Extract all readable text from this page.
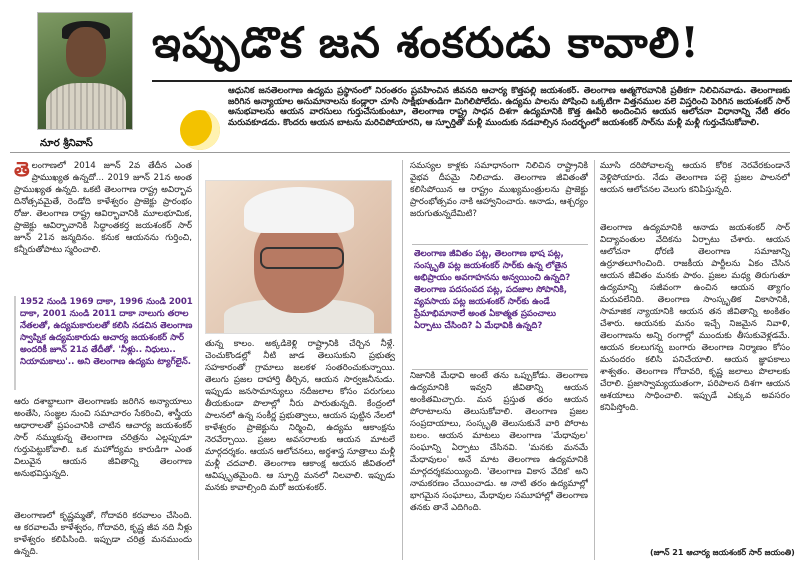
నూర శ్రీనివాస్
ఇప్పుడొక జన శంకరుడు కావాలి!
ఆధునిక జనతెలంగాణ ఉద్యమ ప్రస్థానంలో నిరంతరం ప్రవహించిన జీవనది ఆచార్య కొత్తపల్లి జయశంకర్. తెలంగాణ ఆత్మగౌరవానికి ప్రతీకగా నిలిచినవాడు. తెలంగాణకు జరిగిన అన్యాయాల అనుమానాలను కండ్లారా చూసి సాక్షీభూతుడిగా మిగిలిపోలేదు. ఉద్యమ పాలను పోషించి ఒక్కటిగా విత్తనముల వలె విస్తరించి పెరిగిన జయశంకర్ సార్ అనుభవాలను ఆయన వారసులు గుర్తుచేసుకుంటూ, తెలంగాణ రాష్ట్ర సాధన దిశగా ఉద్యమానికి కొత్త ఊపిరి అందించిన ఆయన ఆలోచనా విధానాన్ని నేటి తరం మరువకూడదు. కొందరు ఆయన బాటను మరిచిపోయారని, ఆ స్ఫూర్తితో మళ్లీ ముందుకు నడవాల్సిన సందర్భంలో జయశంకర్ సార్‌ను మళ్లీ మళ్లీ గుర్తుచేసుకోవాలి.
తె లంగాణలో 2014 జూన్ 2వ తేదీన ఎంత ప్రాముఖ్యత ఉన్నదో... 2019 జూన్ 21న అంత ప్రాముఖ్యత ఉన్నది. ఒకటి తెలంగాణ రాష్ట్ర అవిర్భావ దినోత్సవమైతే, రెండోది కాళేశ్వరం ప్రాజెక్టు ప్రారంభం రోజు. తెలంగాణ రాష్ట్ర ఆవిర్భావానికి మూలభూమిక, ప్రాజెక్టు ఆవిర్భావానికి సిద్ధాంతకర్త జయశంకర్ సార్ జూన్ 21న జన్మదినం. కనుక ఆయనను గుర్తించి, కన్నీరుతోపాటు స్మరించాలి.
1952 నుండి 1969 దాకా, 1996 నుండి 2001 దాకా, 2001 నుండి 2011 దాకా నాలుగు తరాల నేతలతో, ఉద్యమకారులతో కలిసి నడచిన తెలంగాణ స్వాప్నిక ఉద్యమకారుడు ఆచార్య జయశంకర్ సార్ అందరికీ జూన్ 21వ తేదీతో. 'నీళ్లు.. నిధులు.. నియామకాలు'.. అని తెలంగాణ ఉద్యమ ట్యాగ్‌లైన్.

ఆరు దశాబ్దాలుగా తెలంగాణకు జరిగిన అన్యాయాలు అంతేసి, సంజ్ఞల నుంచి సమాచారం సేకరించి, శాస్త్రీయ ఆధారాలతో ప్రపంచానికి చాటిన ఆచార్య జయశంకర్ సార్ నమ్ముకున్న తెలంగాణ చరిత్రను ఎల్లప్పుడూ గుర్తుపెట్టుకోవాలి. ఒక మహోద్యమ కారుడిగా ఎంత విలువైన ఆయన జీవితాన్ని తెలంగాణ అనుభవిస్తున్నది.

తెలంగాణలో కృష్ణమ్మతో, గోదావరి కరవాలం చేసింది. ఆ కరవాలమే కాళేశ్వరం, గోదావరి, కృష్ణ జీవ నది నీళ్లు కాళేశ్వరం కలిపిసింది. ఇప్పుడా చరిత్ర మనముందు ఉన్నది.

తున్న కాలం. అక్కడికెళ్లి రాష్ట్రానికి చేర్చిన నీళ్లే. చెంచుకొండల్లో నీటి జాడ తెలుసుకుని ప్రభుత్వ సహకారంతో గ్రామాలు జలకళ సంతరించుకున్నాయి. తెలుగు ప్రజల దాహార్తి తీర్చిన, ఆయన సార్వజనీనుడు. ఇప్పుడు జనసామాన్యులు నదీజలాల కోసం పరుగులు తీయకుండా పొలాల్లో నీరు పారుతున్నది. కేంద్రంలో పాలనలో ఉన్న సంకీర్ణ ప్రభుత్వాలు, ఆయన పుట్టిన నేలలో కాళేశ్వరం ప్రాజెక్టును నిర్మించి, ఉద్యమ ఆకాంక్షను నెరవేర్చాయి. ప్రజల అవసరాలకు ఆయన మాటలే మార్గదర్శకం. ఆయన ఆలోచనలు, అర్థశాస్త్ర సూత్రాలు మళ్లీ మళ్లీ చదవాలి. తెలంగాణ ఆకాంక్ష ఆయన జీవితంలో ఆవిష్కృతమైంది. ఆ స్ఫూర్తి మనలో నిలవాలి. ఇప్పుడు మనకు కావాల్సింది మరో జయశంకర్.

సమస్యల కాళ్లకు సమాధానంగా నిలిచిన రాష్ట్రానికి వైభవ దీపమై నిలిచాడు. తెలంగాణ జీవితంతో కలిసిపోయిన ఆ రాష్ట్రం ముఖ్యమంత్రులను ప్రాజెక్టు ప్రారంభోత్సవం నాకి ఆహ్వానించారు. ఆనాడు, ఆశ్చర్యం జరుగుతున్నదేమిటి?

తెలంగాణ జీవితం పట్ల, తెలంగాణ భాష పట్ల, సంస్కృతి పట్ల జయశంకర్ సార్‌కు ఉన్న లోతైన అభిప్రాయం అవగాహనను అన్వయించి ఉన్నది? తెలంగాణ పదసంపద పట్ల, పదజాల సోపానికి, వ్యవసాయ పట్ల జయశంకర్ సార్‌కు ఉండే ప్రేమాభిమానాలే అంత ఏకాత్మత ప్రపంచాలు ఏర్పాటు చేసింది? ఏ మేధావికి ఉన్నది?

నిజానికి మేధావి అంటే తను ఒప్పుకోడు. తెలంగాణ ఉద్యమానికి ఇవ్వని జీవితాన్ని ఆయన అంకితమిచ్చారు. మన ప్రస్తుత తరం ఆయన పోరాటాలను తెలుసుకోవాలి. తెలంగాణ ప్రజల సంప్రదాయాలు, సంస్కృతి తెలుసుకునే వారి పోరాట బలం. ఆయన మాటలు తెలంగాణ 'మేధావుల' సంఘాన్ని ఏర్పాటు చేసినవి. 'మనకు మనమే మేధావులం' అనే మాట తెలంగాణ ఉద్యమానికి మార్గదర్శకమయ్యింది. 'తెలంగాణ వికాస వేదిక' అని నామకరణం చేయించాడు. ఆ నాటి తరం ఉద్యమాల్లో భాగమైన సంఘాలు, మేధావుల సమూహాల్లో తెలంగాణ తనకు తానే ఎదిగింది.

మూసి దరిపోవాలన్న ఆయన కోరిక నెరవేరకుండానే వెళ్లిపోయారు. నేడు తెలంగాణ పల్లె ప్రజల పాలనలో ఆయన ఆలోచనల వెలుగు కనిపిస్తున్నది.

తెలంగాణ ఉద్యమానికి ఆనాడు జయశంకర్ సార్ విద్యావంతుల వేదికను ఏర్పాటు చేశారు. ఆయన ఆలోచనా ధోరణి తెలంగాణ సమాజాన్ని ఉర్రూతలూగించింది. రాజకీయ పార్టీలను ఏకం చేసిన ఆయన జీవితం మనకు పాఠం. ప్రజల మధ్య తిరుగుతూ ఉద్యమాన్ని సజీవంగా ఉంచిన ఆయన త్యాగం మరువలేనిది. తెలంగాణ సాంస్కృతిక వికాసానికి, సామాజిక న్యాయానికి ఆయన తన జీవితాన్ని అంకితం చేశారు. ఆయనకు మనం ఇచ్చే నిజమైన నివాళి, తెలంగాణను అన్ని రంగాల్లో ముందుకు తీసుకువెళ్లడమే. ఆయన కలలుగన్న బంగారు తెలంగాణ నిర్మాణం కోసం మనందరం కలిసి పనిచేయాలి. ఆయన జ్ఞాపకాలు శాశ్వతం. తెలంగాణ గోదావరి, కృష్ణ జలాలు పొలాలకు చేరాలి. ప్రజాస్వామ్యయుతంగా, పరిపాలన దిశగా ఆయన ఆశయాలు సాధించాలి. ఇప్పుడే ఎక్కువ అవసరం కనిపిస్తోంది.

(జూన్ 21 ఆచార్య జయశంకర్ సార్ జయంతి)
